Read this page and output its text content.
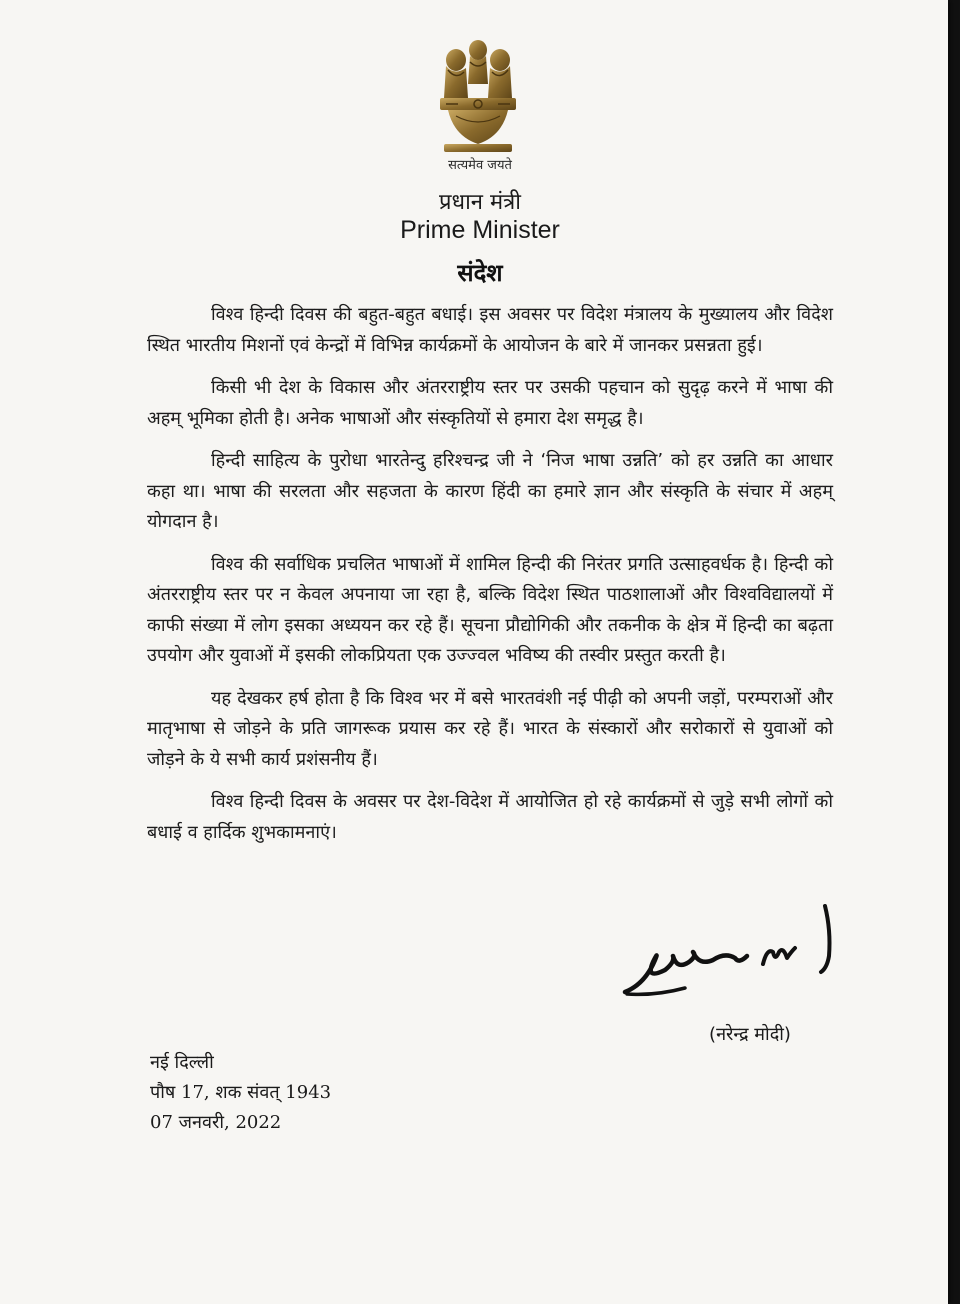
सत्यमेव जयते
प्रधान मंत्री
Prime Minister
संदेश

विश्व हिन्दी दिवस की बहुत-बहुत बधाई। इस अवसर पर विदेश मंत्रालय के मुख्यालय और विदेश स्थित भारतीय मिशनों एवं केन्द्रों में विभिन्न कार्यक्रमों के आयोजन के बारे में जानकर प्रसन्नता हुई।

किसी भी देश के विकास और अंतरराष्ट्रीय स्तर पर उसकी पहचान को सुदृढ़ करने में भाषा की अहम् भूमिका होती है। अनेक भाषाओं और संस्कृतियों से हमारा देश समृद्ध है।

हिन्दी साहित्य के पुरोधा भारतेन्दु हरिश्चन्द्र जी ने ‘निज भाषा उन्नति’ को हर उन्नति का आधार कहा था। भाषा की सरलता और सहजता के कारण हिंदी का हमारे ज्ञान और संस्कृति के संचार में अहम् योगदान है।

विश्व की सर्वाधिक प्रचलित भाषाओं में शामिल हिन्दी की निरंतर प्रगति उत्साहवर्धक है। हिन्दी को अंतरराष्ट्रीय स्तर पर न केवल अपनाया जा रहा है, बल्कि विदेश स्थित पाठशालाओं और विश्वविद्यालयों में काफी संख्या में लोग इसका अध्ययन कर रहे हैं। सूचना प्रौद्योगिकी और तकनीक के क्षेत्र में हिन्दी का बढ़ता उपयोग और युवाओं में इसकी लोकप्रियता एक उज्ज्वल भविष्य की तस्वीर प्रस्तुत करती है।

यह देखकर हर्ष होता है कि विश्व भर में बसे भारतवंशी नई पीढ़ी को अपनी जड़ों, परम्पराओं और मातृभाषा से जोड़ने के प्रति जागरूक प्रयास कर रहे हैं। भारत के संस्कारों और सरोकारों से युवाओं को जोड़ने के ये सभी कार्य प्रशंसनीय हैं।

विश्व हिन्दी दिवस के अवसर पर देश-विदेश में आयोजित हो रहे कार्यक्रमों से जुड़े सभी लोगों को बधाई व हार्दिक शुभकामनाएं।

(नरेन्द्र मोदी)
नई दिल्ली
पौष 17, शक संवत् 1943
07 जनवरी, 2022
